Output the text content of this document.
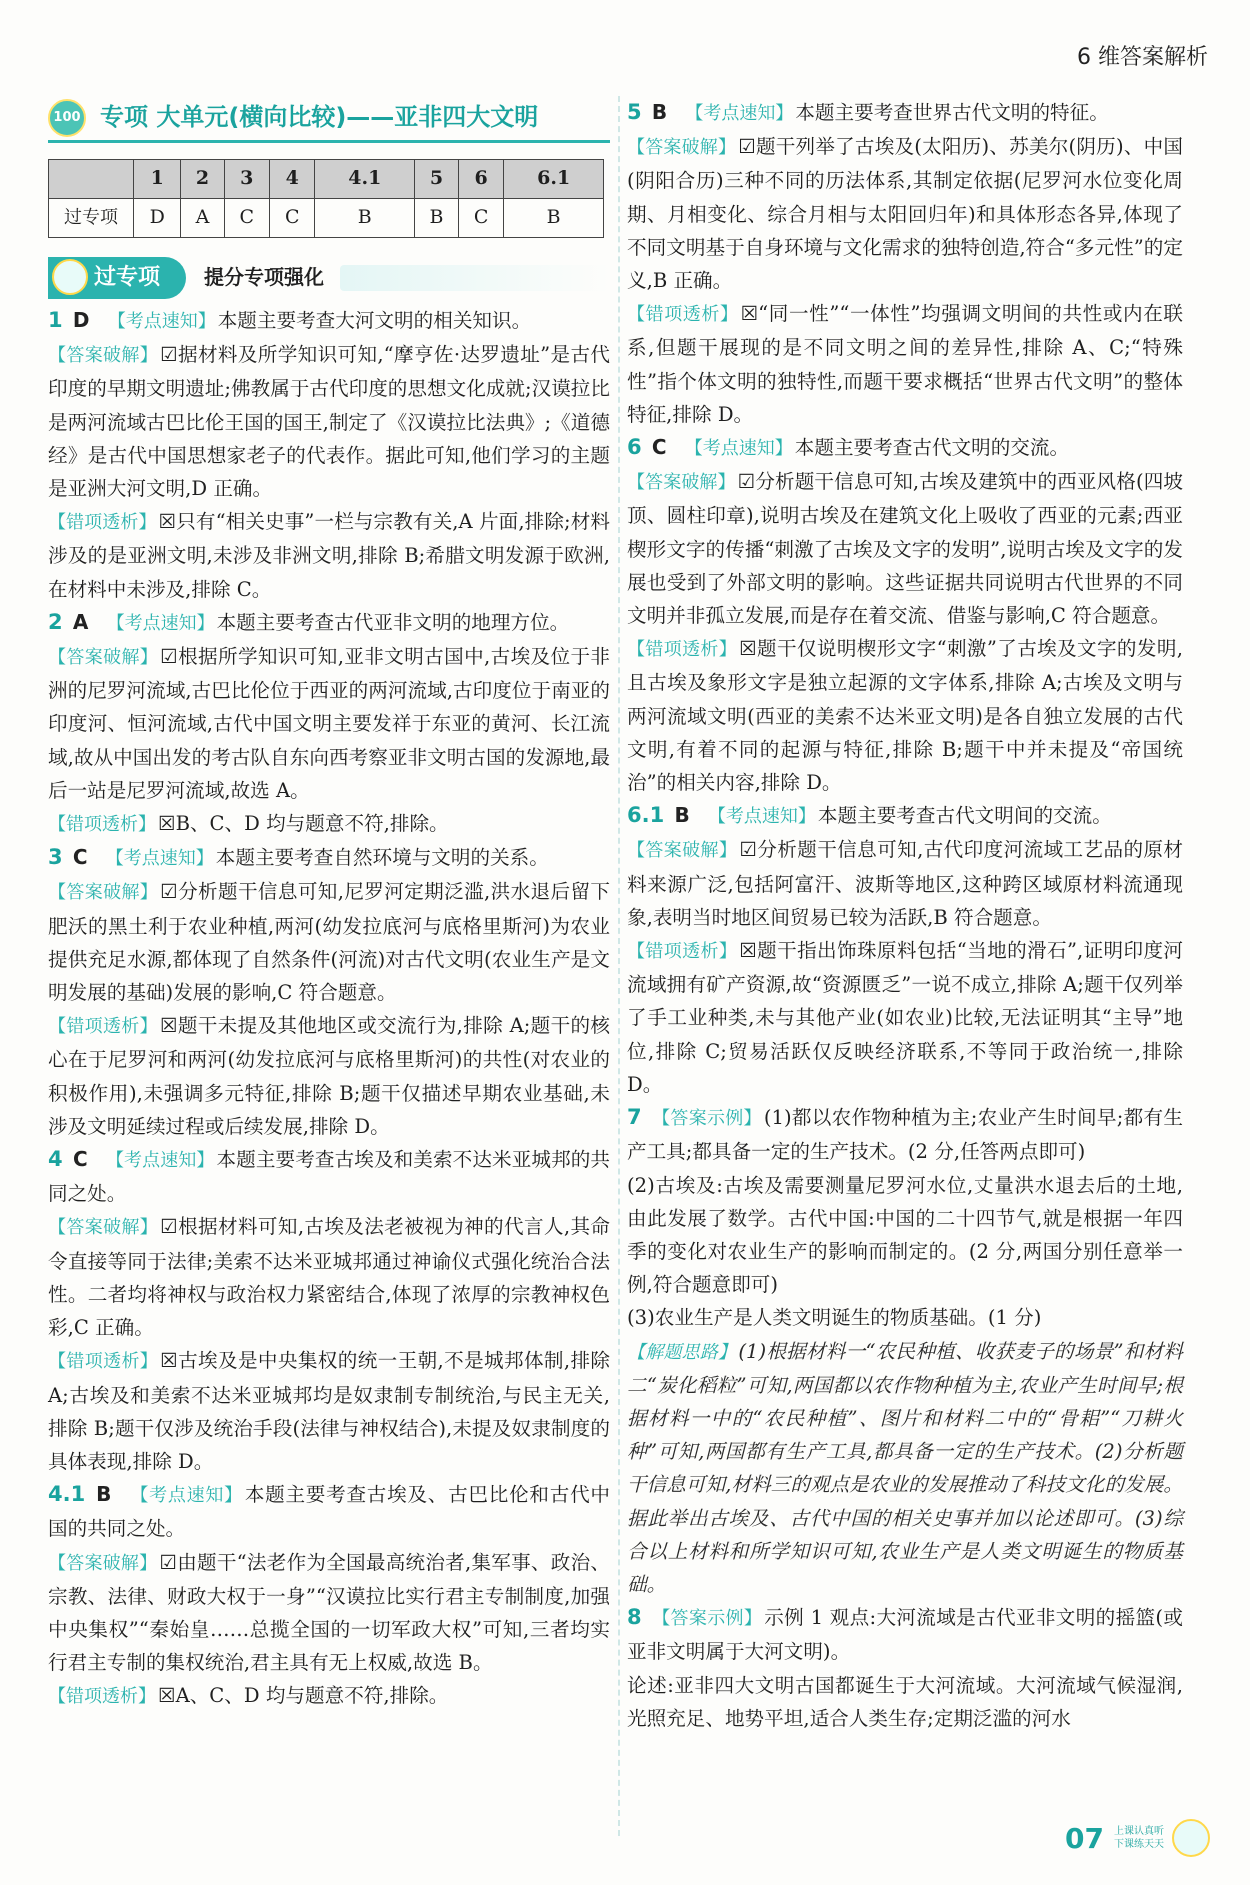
6 维答案解析
100 专项 大单元(横向比较)——亚非四大文明
	1	2	3	4	4.1	5	6	6.1
过专项	D	A	C	C	B	B	C	B
过专项	提分专项强化

1 D 【考点速知】 本题主要考查大河文明的相关知识。

【答案破解】 ☑据材料及所学知识可知,“摩亨佐·达罗遗址”是古代印度的早期文明遗址;佛教属于古代印度的思想文化成就;汉谟拉比是两河流域古巴比伦王国的国王,制定了《汉谟拉比法典》;《道德经》是古代中国思想家老子的代表作。据此可知,他们学习的主题是亚洲大河文明,D 正确。

【错项透析】 ☒只有“相关史事”一栏与宗教有关,A 片面,排除;材料涉及的是亚洲文明,未涉及非洲文明,排除 B;希腊文明发源于欧洲,在材料中未涉及,排除 C。

2 A 【考点速知】 本题主要考查古代亚非文明的地理方位。

【答案破解】 ☑根据所学知识可知,亚非文明古国中,古埃及位于非洲的尼罗河流域,古巴比伦位于西亚的两河流域,古印度位于南亚的印度河、恒河流域,古代中国文明主要发祥于东亚的黄河、长江流域,故从中国出发的考古队自东向西考察亚非文明古国的发源地,最后一站是尼罗河流域,故选 A。

【错项透析】 ☒B、C、D 均与题意不符,排除。

3 C 【考点速知】 本题主要考查自然环境与文明的关系。

【答案破解】 ☑分析题干信息可知,尼罗河定期泛滥,洪水退后留下肥沃的黑土利于农业种植,两河(幼发拉底河与底格里斯河)为农业提供充足水源,都体现了自然条件(河流)对古代文明(农业生产是文明发展的基础)发展的影响,C 符合题意。

【错项透析】 ☒题干未提及其他地区或交流行为,排除 A;题干的核心在于尼罗河和两河(幼发拉底河与底格里斯河)的共性(对农业的积极作用),未强调多元特征,排除 B;题干仅描述早期农业基础,未涉及文明延续过程或后续发展,排除 D。

4 C 【考点速知】 本题主要考查古埃及和美索不达米亚城邦的共同之处。

【答案破解】 ☑根据材料可知,古埃及法老被视为神的代言人,其命令直接等同于法律;美索不达米亚城邦通过神谕仪式强化统治合法性。二者均将神权与政治权力紧密结合,体现了浓厚的宗教神权色彩,C 正确。

【错项透析】 ☒古埃及是中央集权的统一王朝,不是城邦体制,排除 A;古埃及和美索不达米亚城邦均是奴隶制专制统治,与民主无关,排除 B;题干仅涉及统治手段(法律与神权结合),未提及奴隶制度的具体表现,排除 D。

4.1 B 【考点速知】 本题主要考查古埃及、古巴比伦和古代中国的共同之处。

【答案破解】 ☑由题干“法老作为全国最高统治者,集军事、政治、宗教、法律、财政大权于一身”“汉谟拉比实行君主专制制度,加强中央集权”“秦始皇……总揽全国的一切军政大权”可知,三者均实行君主专制的集权统治,君主具有无上权威,故选 B。

【错项透析】 ☒A、C、D 均与题意不符,排除。

5 B 【考点速知】 本题主要考查世界古代文明的特征。

【答案破解】 ☑题干列举了古埃及(太阳历)、苏美尔(阴历)、中国(阴阳合历)三种不同的历法体系,其制定依据(尼罗河水位变化周期、月相变化、综合月相与太阳回归年)和具体形态各异,体现了不同文明基于自身环境与文化需求的独特创造,符合“多元性”的定义,B 正确。

【错项透析】 ☒“同一性”“一体性”均强调文明间的共性或内在联系,但题干展现的是不同文明之间的差异性,排除 A、C;“特殊性”指个体文明的独特性,而题干要求概括“世界古代文明”的整体特征,排除 D。

6 C 【考点速知】 本题主要考查古代文明的交流。

【答案破解】 ☑分析题干信息可知,古埃及建筑中的西亚风格(四坡顶、圆柱印章),说明古埃及在建筑文化上吸收了西亚的元素;西亚楔形文字的传播“刺激了古埃及文字的发明”,说明古埃及文字的发展也受到了外部文明的影响。这些证据共同说明古代世界的不同文明并非孤立发展,而是存在着交流、借鉴与影响,C 符合题意。

【错项透析】 ☒题干仅说明楔形文字“刺激”了古埃及文字的发明,且古埃及象形文字是独立起源的文字体系,排除 A;古埃及文明与两河流域文明(西亚的美索不达米亚文明)是各自独立发展的古代文明,有着不同的起源与特征,排除 B;题干中并未提及“帝国统治”的相关内容,排除 D。

6.1 B 【考点速知】 本题主要考查古代文明间的交流。

【答案破解】 ☑分析题干信息可知,古代印度河流域工艺品的原材料来源广泛,包括阿富汗、波斯等地区,这种跨区域原材料流通现象,表明当时地区间贸易已较为活跃,B 符合题意。

【错项透析】 ☒题干指出饰珠原料包括“当地的滑石”,证明印度河流域拥有矿产资源,故“资源匮乏”一说不成立,排除 A;题干仅列举了手工业种类,未与其他产业(如农业)比较,无法证明其“主导”地位,排除 C;贸易活跃仅反映经济联系,不等同于政治统一,排除 D。

7 【答案示例】 (1)都以农作物种植为主;农业产生时间早;都有生产工具;都具备一定的生产技术。(2 分,任答两点即可)

(2)古埃及:古埃及需要测量尼罗河水位,丈量洪水退去后的土地,由此发展了数学。古代中国:中国的二十四节气,就是根据一年四季的变化对农业生产的影响而制定的。(2 分,两国分别任意举一例,符合题意即可)

(3)农业生产是人类文明诞生的物质基础。(1 分)

【解题思路】 (1)根据材料一“农民种植、收获麦子的场景”和材料二“炭化稻粒”可知,两国都以农作物种植为主,农业产生时间早;根据材料一中的“农民种植”、图片和材料二中的“骨耜”“刀耕火种”可知,两国都有生产工具,都具备一定的生产技术。(2)分析题干信息可知,材料三的观点是农业的发展推动了科技文化的发展。据此举出古埃及、古代中国的相关史事并加以论述即可。(3)综合以上材料和所学知识可知,农业生产是人类文明诞生的物质基础。

8 【答案示例】 示例 1 观点:大河流域是古代亚非文明的摇篮(或亚非文明属于大河文明)。

论述:亚非四大文明古国都诞生于大河流域。大河流域气候湿润,光照充足、地势平坦,适合人类生存;定期泛滥的河水

07 上课认真听
下课练天天
